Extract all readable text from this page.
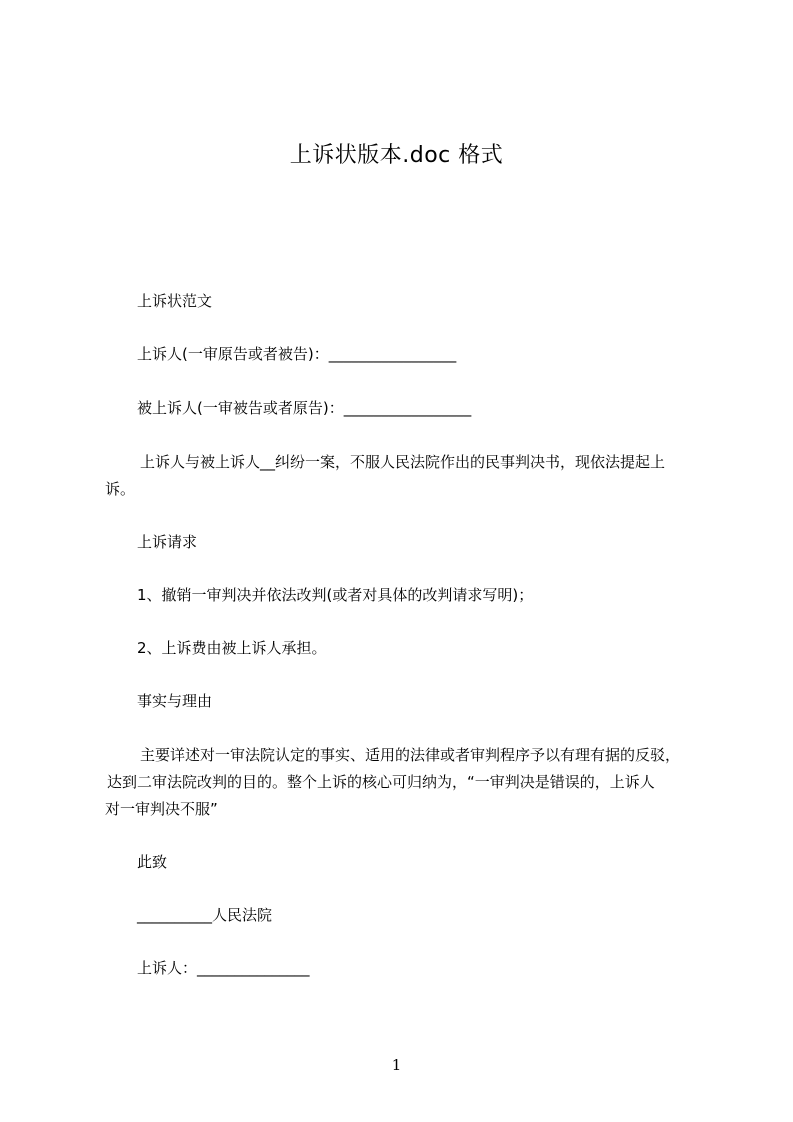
上诉状版本.doc 格式
上诉状范文
上诉人(一审原告或者被告)：_________________
被上诉人(一审被告或者原告)：_________________
上诉人与被上诉人__纠纷一案，不服人民法院作出的民事判决书，现依法提起上
诉。
上诉请求
1、撤销一审判决并依法改判(或者对具体的改判请求写明)；
2、上诉费由被上诉人承担。
事实与理由
主要详述对一审法院认定的事实、适用的法律或者审判程序予以有理有据的反驳，
达到二审法院改判的目的。整个上诉的核心可归纳为，“一审判决是错误的，上诉人
对一审判决不服”
此致
__________人民法院
上诉人：_______________
1
